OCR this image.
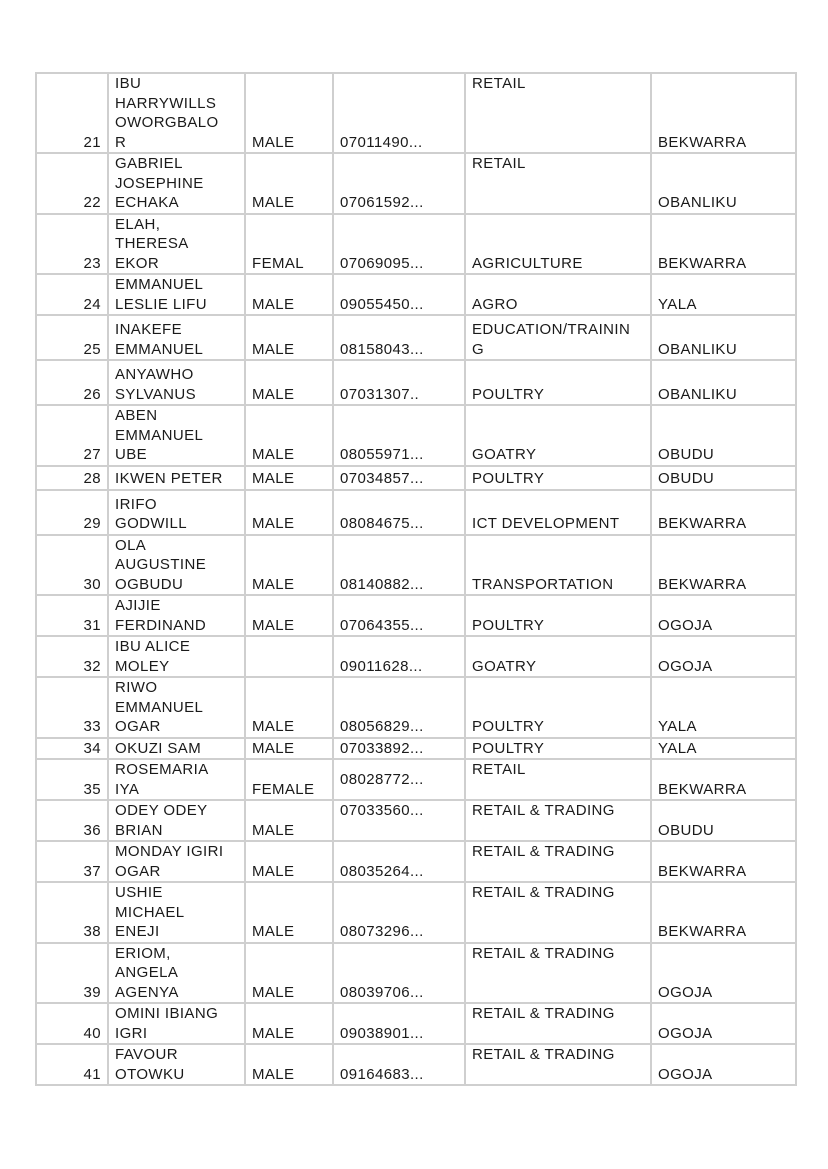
21	IBU
HARRYWILLS
OWORGBALO
R	MALE	07011490...	RETAIL	BEKWARRA
22	GABRIEL
JOSEPHINE
ECHAKA	MALE	07061592...	RETAIL	OBANLIKU
23	ELAH,
THERESA
EKOR	FEMAL	07069095...	AGRICULTURE	BEKWARRA
24	EMMANUEL
LESLIE LIFU	MALE	09055450...	AGRO	YALA
25	INAKEFE
EMMANUEL	MALE	08158043...	EDUCATION/TRAININ
G	OBANLIKU
26	ANYAWHO
SYLVANUS	MALE	07031307..	POULTRY	OBANLIKU
27	ABEN
EMMANUEL
UBE	MALE	08055971...	GOATRY	OBUDU
28	IKWEN PETER	MALE	07034857...	POULTRY	OBUDU
29	IRIFO
GODWILL	MALE	08084675...	ICT DEVELOPMENT	BEKWARRA
30	OLA
AUGUSTINE
OGBUDU	MALE	08140882...	TRANSPORTATION	BEKWARRA
31	AJIJIE
FERDINAND	MALE	07064355...	POULTRY	OGOJA
32	IBU ALICE
MOLEY		09011628...	GOATRY	OGOJA
33	RIWO
EMMANUEL
OGAR	MALE	08056829...	POULTRY	YALA
34	OKUZI SAM	MALE	07033892...	POULTRY	YALA
35	ROSEMARIA
IYA	FEMALE	08028772...	RETAIL	BEKWARRA
36	ODEY ODEY
BRIAN	MALE	07033560...	RETAIL & TRADING	OBUDU
37	MONDAY IGIRI
OGAR	MALE	08035264...	RETAIL & TRADING	BEKWARRA
38	USHIE
MICHAEL
ENEJI	MALE	08073296...	RETAIL & TRADING	BEKWARRA
39	ERIOM,
ANGELA
AGENYA	MALE	08039706...	RETAIL & TRADING	OGOJA
40	OMINI IBIANG
IGRI	MALE	09038901...	RETAIL & TRADING	OGOJA
41	FAVOUR
OTOWKU	MALE	09164683...	RETAIL & TRADING	OGOJA
